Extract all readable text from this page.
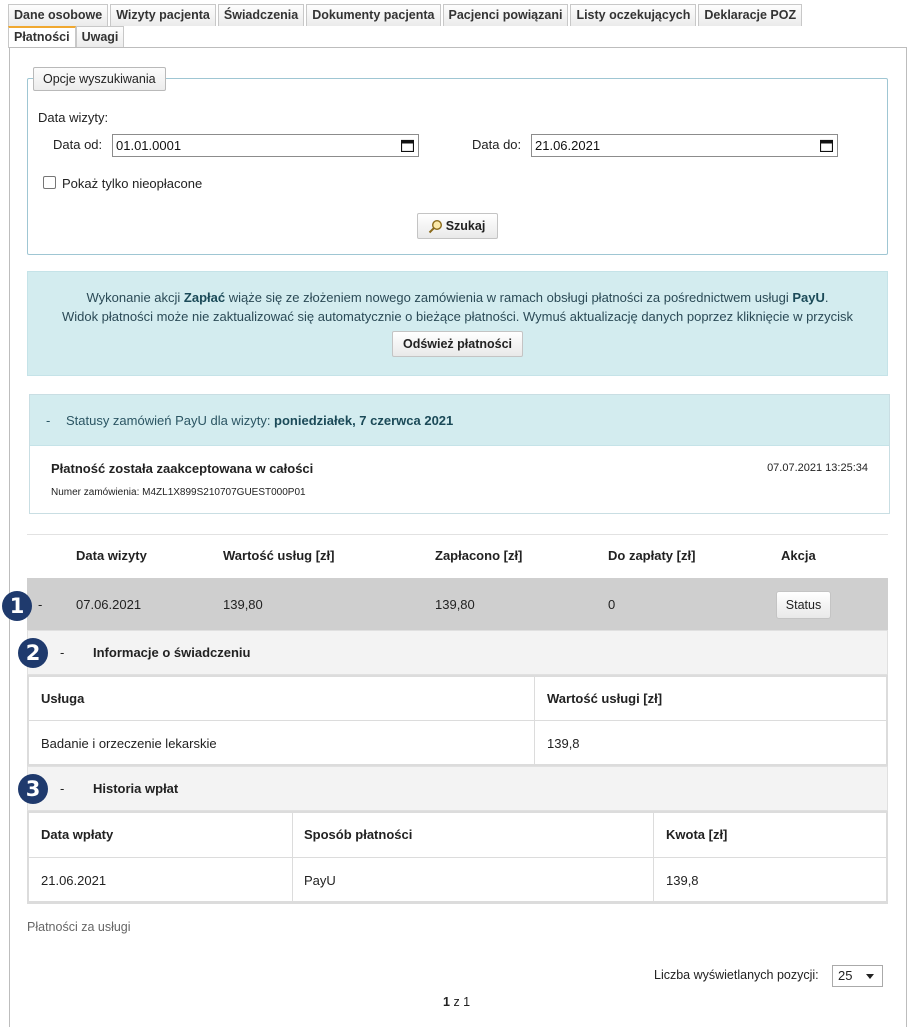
Dane osobowe	Wizyty pacjenta	Świadczenia	Dokumenty pacjenta	Pacjenci powiązani	Listy oczekujących	Deklaracje POZ
Płatności Uwagi
Opcje wyszukiwania
Data wizyty:
Data od:	01.01.0001	Data do:	21.06.2021
Pokaż tylko nieopłacone
Szukaj
Wykonanie akcji Zapłać wiąże się ze złożeniem nowego zamówienia w ramach obsługi płatności za pośrednictwem usługi PayU.
Widok płatności może nie zaktualizować się automatycznie o bieżące płatności. Wymuś aktualizację danych poprzez kliknięcie w przycisk
Odśwież płatności
- Statusy zamówień PayU dla wizyty: poniedziałek, 7 czerwca 2021
Płatność została zaakceptowana w całości	07.07.2021 13:25:34
Numer zamówienia: M4ZL1X899S210707GUEST000P01
Data wizyty	Wartość usług [zł]	Zapłacono [zł]	Do zapłaty [zł]	Akcja
-	07.06.2021	139,80	139,80	0	Status
- Informacje o świadczeniu
Usługa	Wartość usługi [zł]
Badanie i orzeczenie lekarskie	139,8
- Historia wpłat
Data wpłaty	Sposób płatności	Kwota [zł]
21.06.2021	PayU	139,8
1
2
3
Płatności za usługi
Liczba wyświetlanych pozycji:	25
1 z 1
